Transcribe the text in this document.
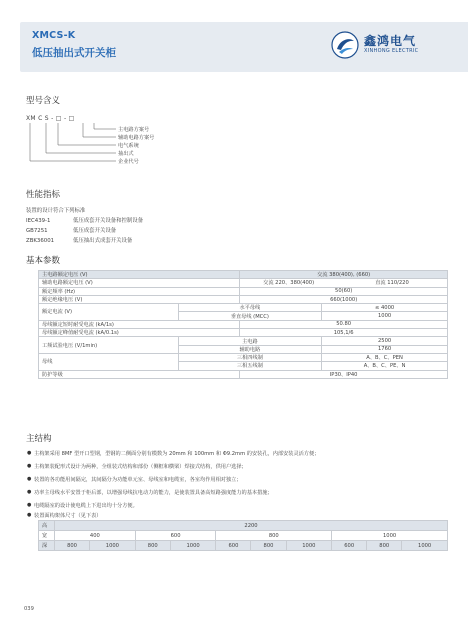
XMCS-K
低压抽出式开关柜
鑫鸿电气
XINHONG ELECTRIC
型号含义
XM C S - □ - □
主电路方案号
辅助电路方案号
电气系统
抽出式
企业代号
性能指标
装置的设计符合下列标准
IEC439-1	低压成套开关设备和控制设备
GB7251	低压成套开关设备
ZBK36001	低压抽出式成套开关设备
基本参数
主电路额定电压 (V)		交流 380(400), (660)	
辅助电路额定电压 (V)		交流 220、380(400) 直流 110/220	

额定频率 (Hz)		50(60)	
额定绝缘电压 (V)		660(1000)	
额定电流 (V)	水平母线		≤ 4000
	垂直母线 (MCC)		1000
母线额定短时耐受电流 (kA/1s)		50.80	
母线额定峰值耐受电流 (kA/0.1s)		105,1/6	
工频试验电压 (V/1min)	主电路		2500
	辅助电路		1760
母线	三相四线制		A、B、C、PEN
	三相五线制		A、B、C、PE、N
防护等级		IP30、IP40	
主结构
● 主构架采用 8MF 型开口型钢，型钢的二侧面分别有模数为 20mm 和 100mm 和 Φ9.2mm 的安装孔，内部安装灵活方便；
● 主构架装配形式设计为两种，全组装式结构和部份（侧框和横梁）焊接式结构，供用户选择；
● 装置的各功能用间隔完，其间隔分为功能单元室、母线室和电缆室，各室均作用相对独立；
● 功率主母线水平安置于柜后部，以增强母线抗电动力的能力，是使装置具备高短路强度能力的基本措施；
● 电缆隔室的设计使电缆上下进出均十分方便。
● 装置面构架体尺寸（见下表）
高	2200									
宽	400		600		800			1000		
深	800	1000	800	1000	600	800	1000	600	800	1000
039
